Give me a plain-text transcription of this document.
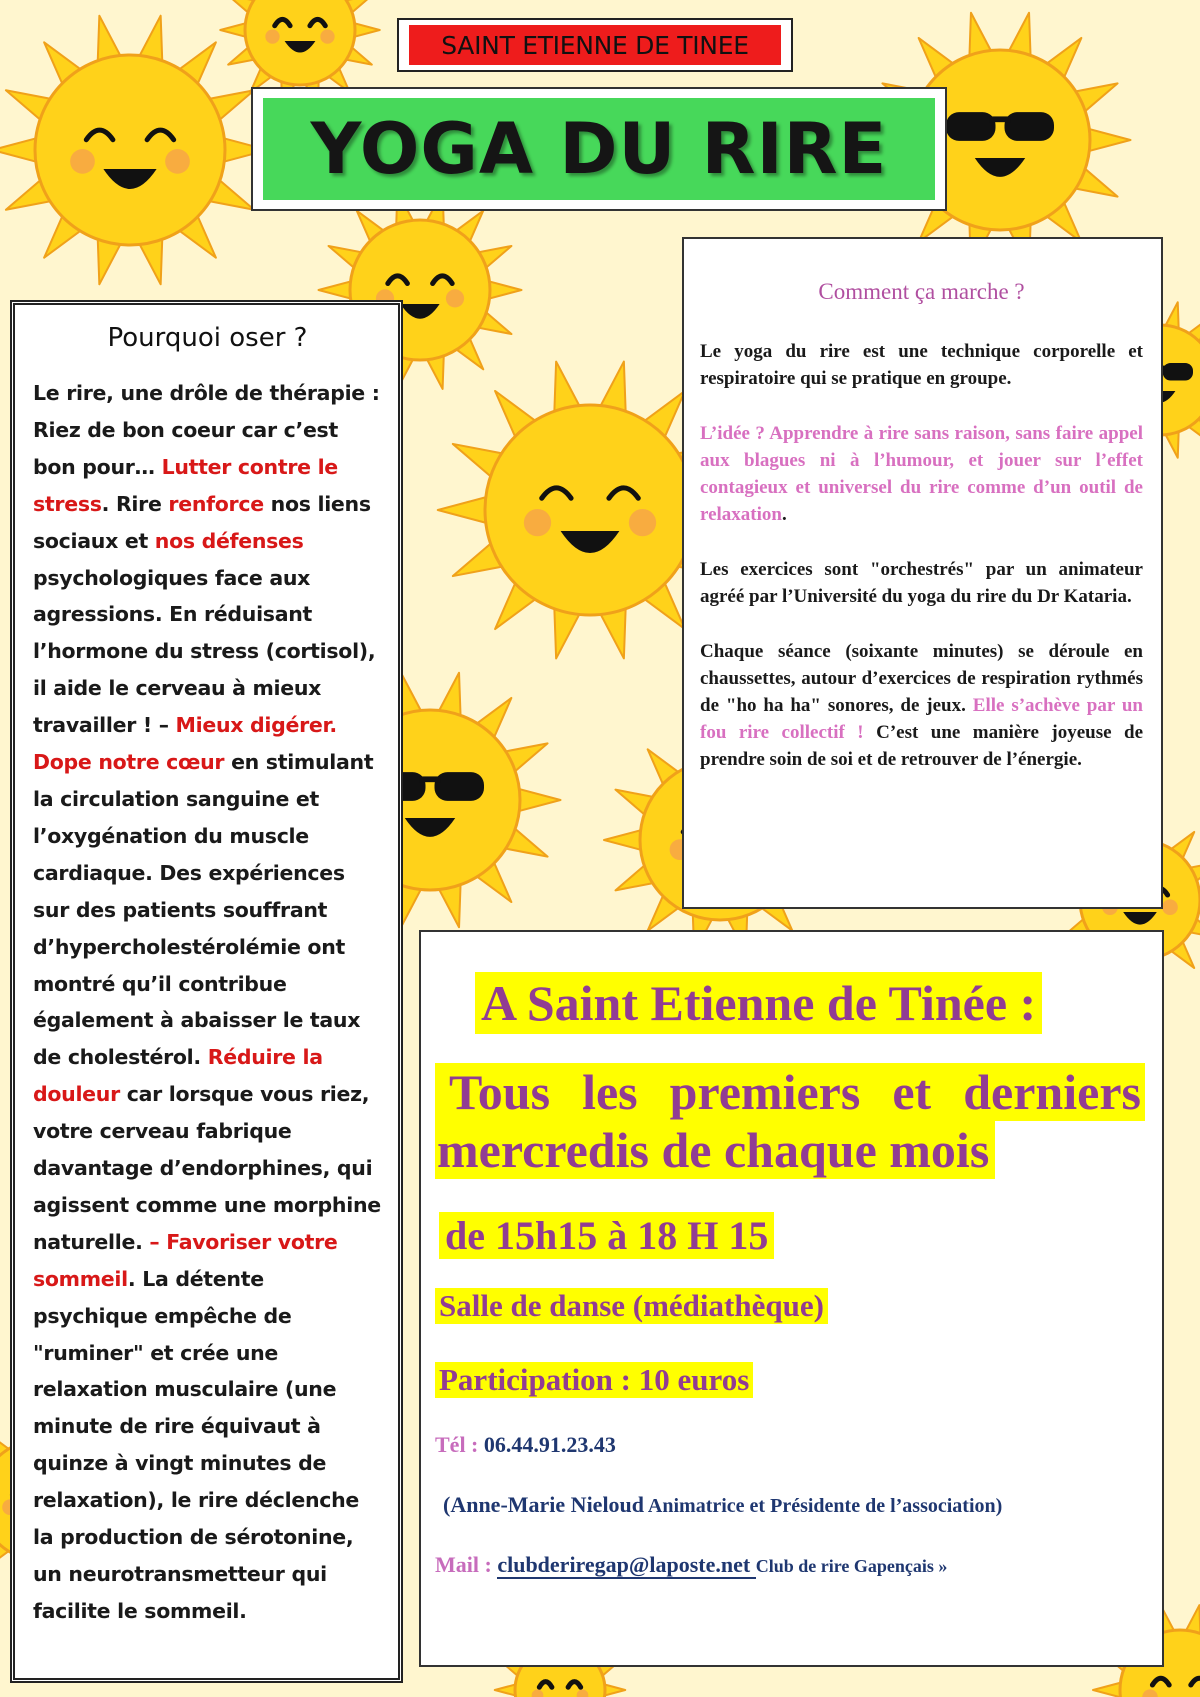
SAINT ETIENNE DE TINEE
YOGA DU RIRE
Pourquoi oser ?
Le rire, une drôle de thérapie : Riez de bon coeur car c’est bon pour… Lutter contre le stress. Rire renforce nos liens sociaux et nos défenses psychologiques face aux agressions. En réduisant l’hormone du stress (cortisol), il aide le cerveau à mieux travailler ! – Mieux digérer. Dope notre cœur en stimulant la circulation sanguine et l’oxygénation du muscle cardiaque. Des expériences sur des patients souffrant d’hypercholestérolémie ont montré qu’il contribue également à abaisser le taux de cholestérol. Réduire la douleur car lorsque vous riez, votre cerveau fabrique davantage d’endorphines, qui agissent comme une morphine naturelle. – Favoriser votre sommeil. La détente psychique empêche de "ruminer" et crée une relaxation musculaire (une minute de rire équivaut à quinze à vingt minutes de relaxation), le rire déclenche la production de sérotonine, un neurotransmetteur qui facilite le sommeil.
Comment ça marche ?

Le yoga du rire est une technique corporelle et respiratoire qui se pratique en groupe.

L’idée ? Apprendre à rire sans raison, sans faire appel aux blagues ni à l’humour, et jouer sur l’effet contagieux et universel du rire comme d’un outil de relaxation.

Les exercices sont "orchestrés" par un animateur agréé par l’Université du yoga du rire du Dr Kataria.

Chaque séance (soixante minutes) se déroule en chaussettes, autour d’exercices de respiration rythmés de "ho ha ha" sonores, de jeux. Elle s’achève par un fou rire collectif ! C’est une manière joyeuse de prendre soin de soi et de retrouver de l’énergie.

A Saint Etienne de Tinée :
Tous les premiers et derniers
mercredis de chaque mois
de 15h15 à 18 H 15
Salle de danse (médiathèque)
Participation : 10 euros
Tél : 06.44.91.23.43
(Anne-Marie Nieloud Animatrice et Présidente de l’association)
Mail : clubderiregap@laposte.net Club de rire Gapençais »
